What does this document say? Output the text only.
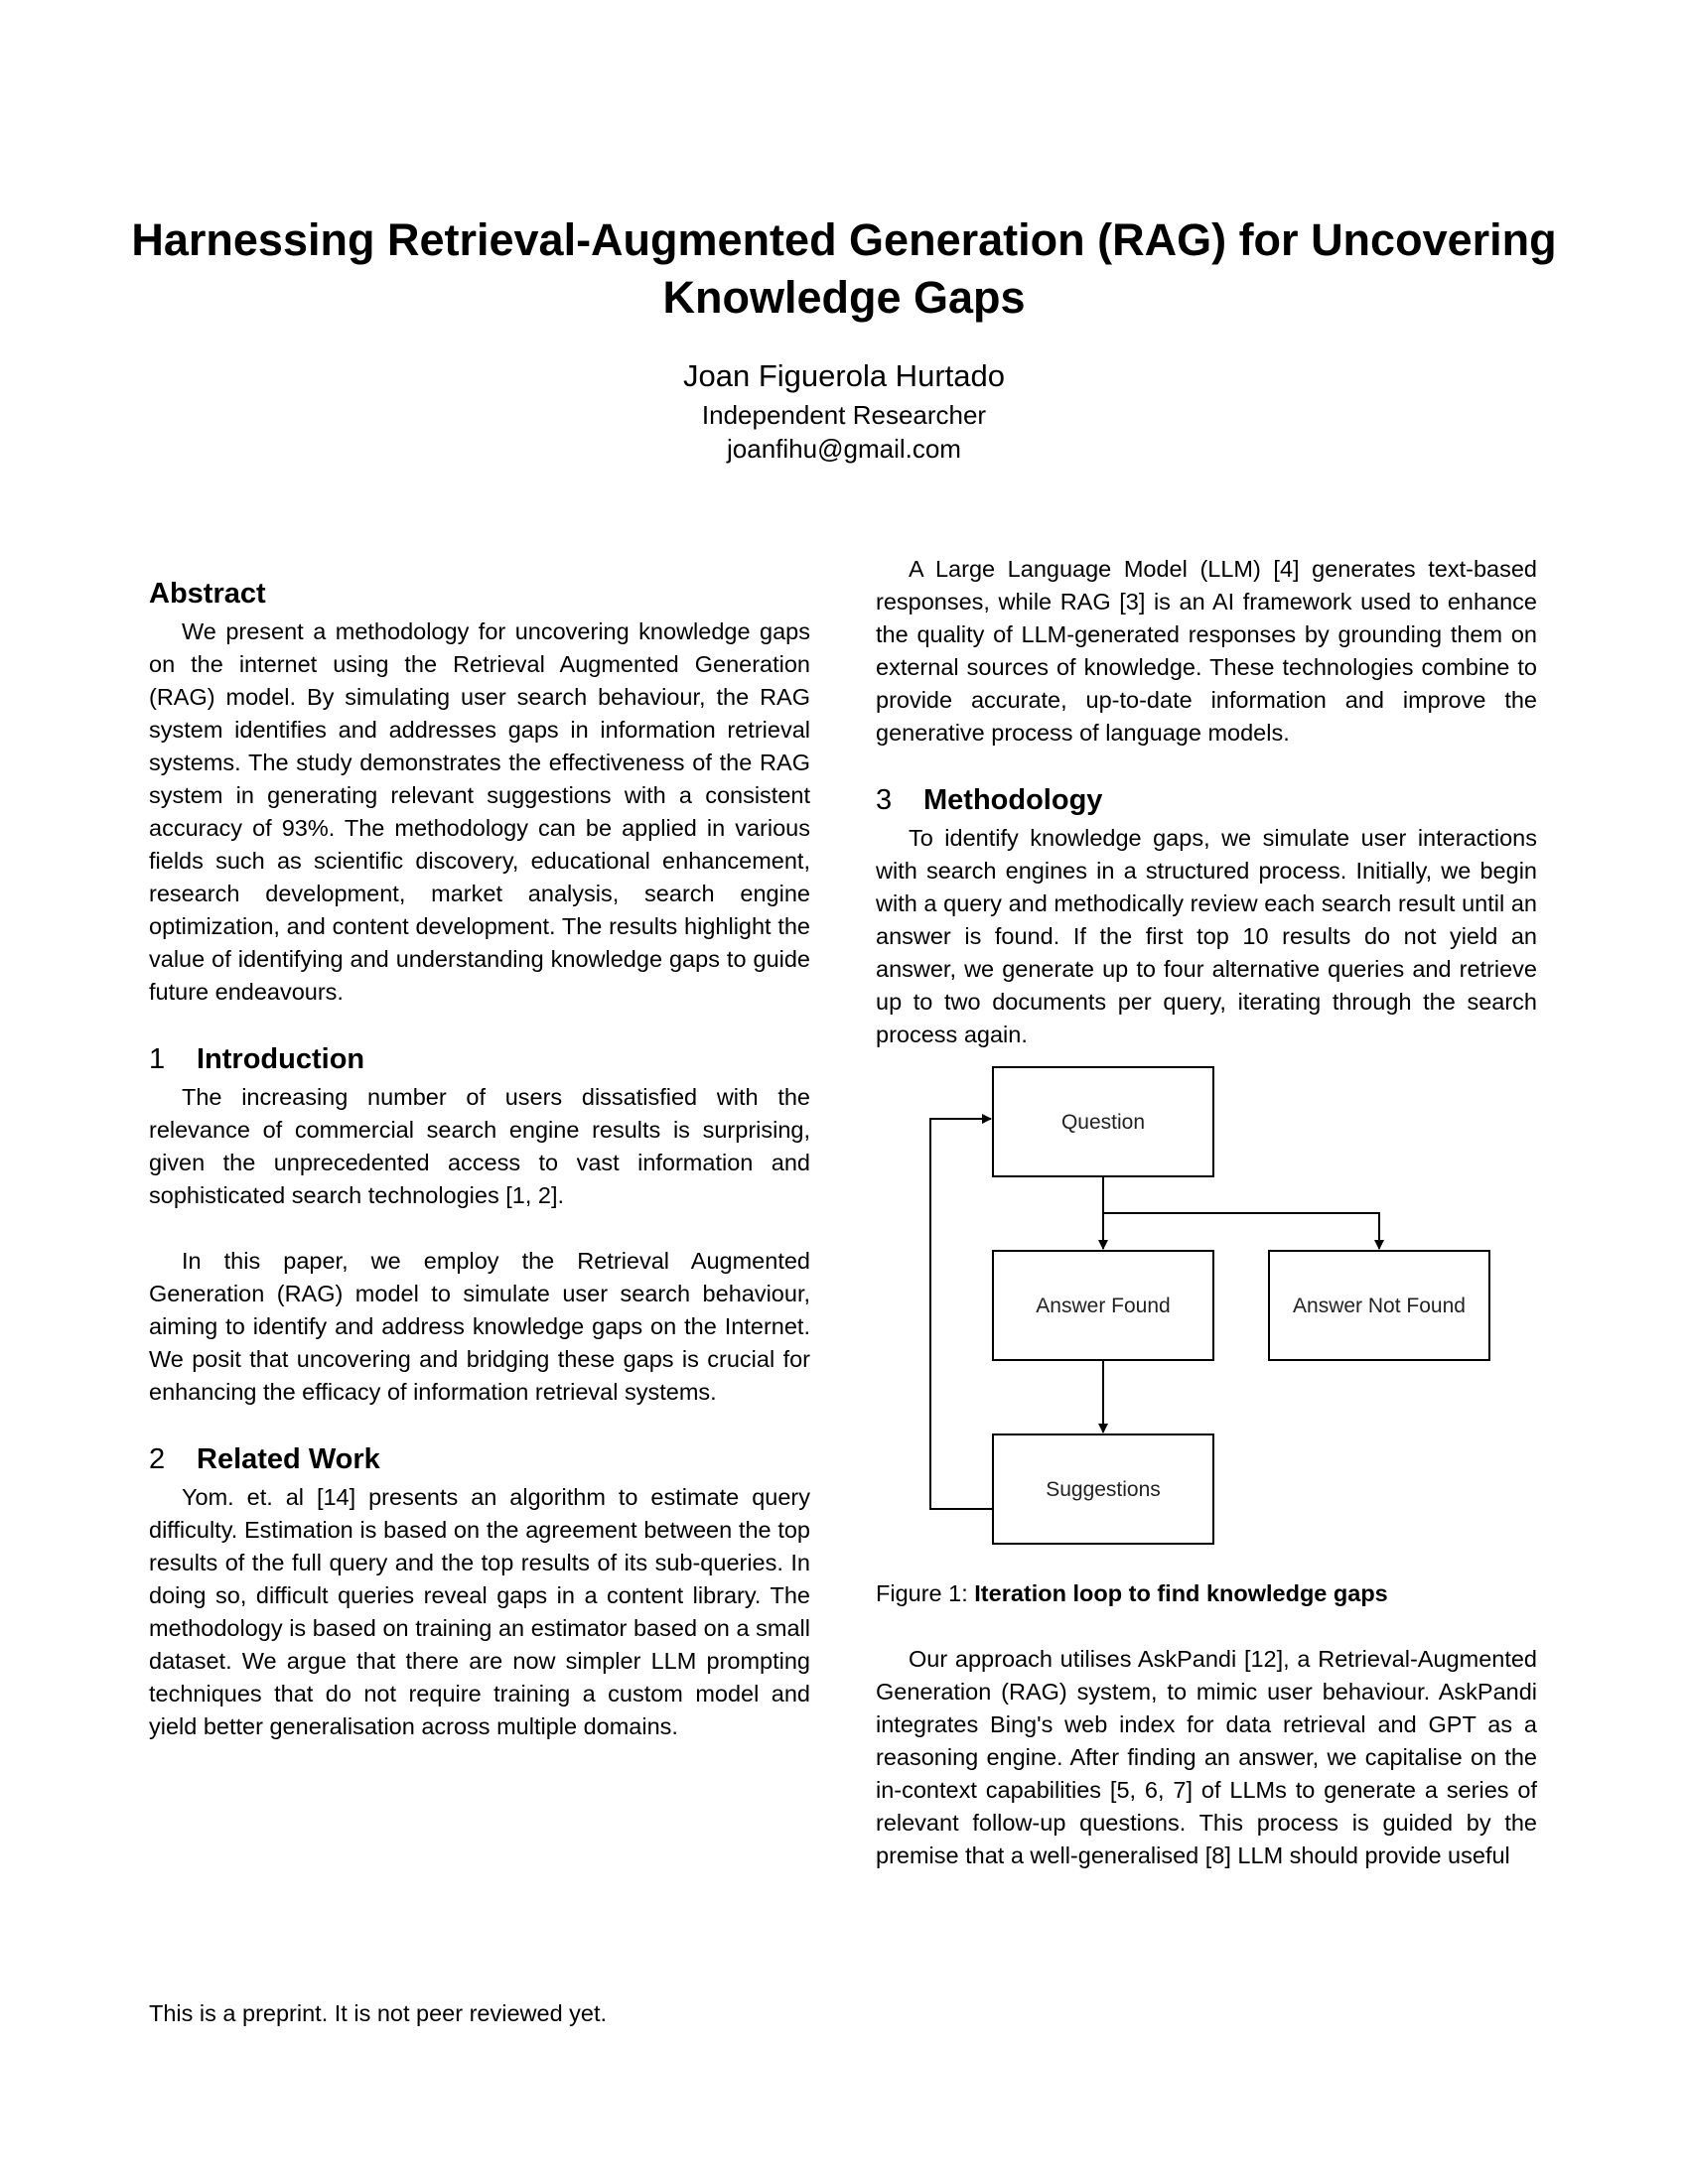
Harnessing Retrieval-Augmented Generation (RAG) for Uncovering Knowledge Gaps
Joan Figuerola Hurtado
Independent Researcher
joanfihu@gmail.com
Abstract

We present a methodology for uncovering knowledge gaps on the internet using the Retrieval Augmented Generation (RAG) model. By simulating user search behaviour, the RAG system identifies and addresses gaps in information retrieval systems. The study demonstrates the effectiveness of the RAG system in generating relevant suggestions with a consistent accuracy of 93%. The methodology can be applied in various fields such as scientific discovery, educational enhancement, research development, market analysis, search engine optimization, and content development. The results highlight the value of identifying and understanding knowledge gaps to guide future endeavours.

1 Introduction

The increasing number of users dissatisfied with the relevance of commercial search engine results is surprising, given the unprecedented access to vast information and sophisticated search technologies [1, 2].

In this paper, we employ the Retrieval Augmented Generation (RAG) model to simulate user search behaviour, aiming to identify and address knowledge gaps on the Internet. We posit that uncovering and bridging these gaps is crucial for enhancing the efficacy of information retrieval systems.

2 Related Work

Yom. et. al [14] presents an algorithm to estimate query difficulty. Estimation is based on the agreement between the top results of the full query and the top results of its sub-queries. In doing so, difficult queries reveal gaps in a content library. The methodology is based on training an estimator based on a small dataset. We argue that there are now simpler LLM prompting techniques that do not require training a custom model and yield better generalisation across multiple domains.

A Large Language Model (LLM) [4] generates text-based responses, while RAG [3] is an AI framework used to enhance the quality of LLM-generated responses by grounding them on external sources of knowledge. These technologies combine to provide accurate, up-to-date information and improve the generative process of language models.

3 Methodology

To identify knowledge gaps, we simulate user interactions with search engines in a structured process. Initially, we begin with a query and methodically review each search result until an answer is found. If the first top 10 results do not yield an answer, we generate up to four alternative queries and retrieve up to two documents per query, iterating through the search process again.

Question
Answer Found	Answer Not Found
Suggestions

Figure 1: Iteration loop to find knowledge gaps

Our approach utilises AskPandi [12], a Retrieval-Augmented Generation (RAG) system, to mimic user behaviour. AskPandi integrates Bing's web index for data retrieval and GPT as a reasoning engine. After finding an answer, we capitalise on the in-context capabilities [5, 6, 7] of LLMs to generate a series of relevant follow-up questions. This process is guided by the premise that a well-generalised [8] LLM should provide useful

This is a preprint. It is not peer reviewed yet.
